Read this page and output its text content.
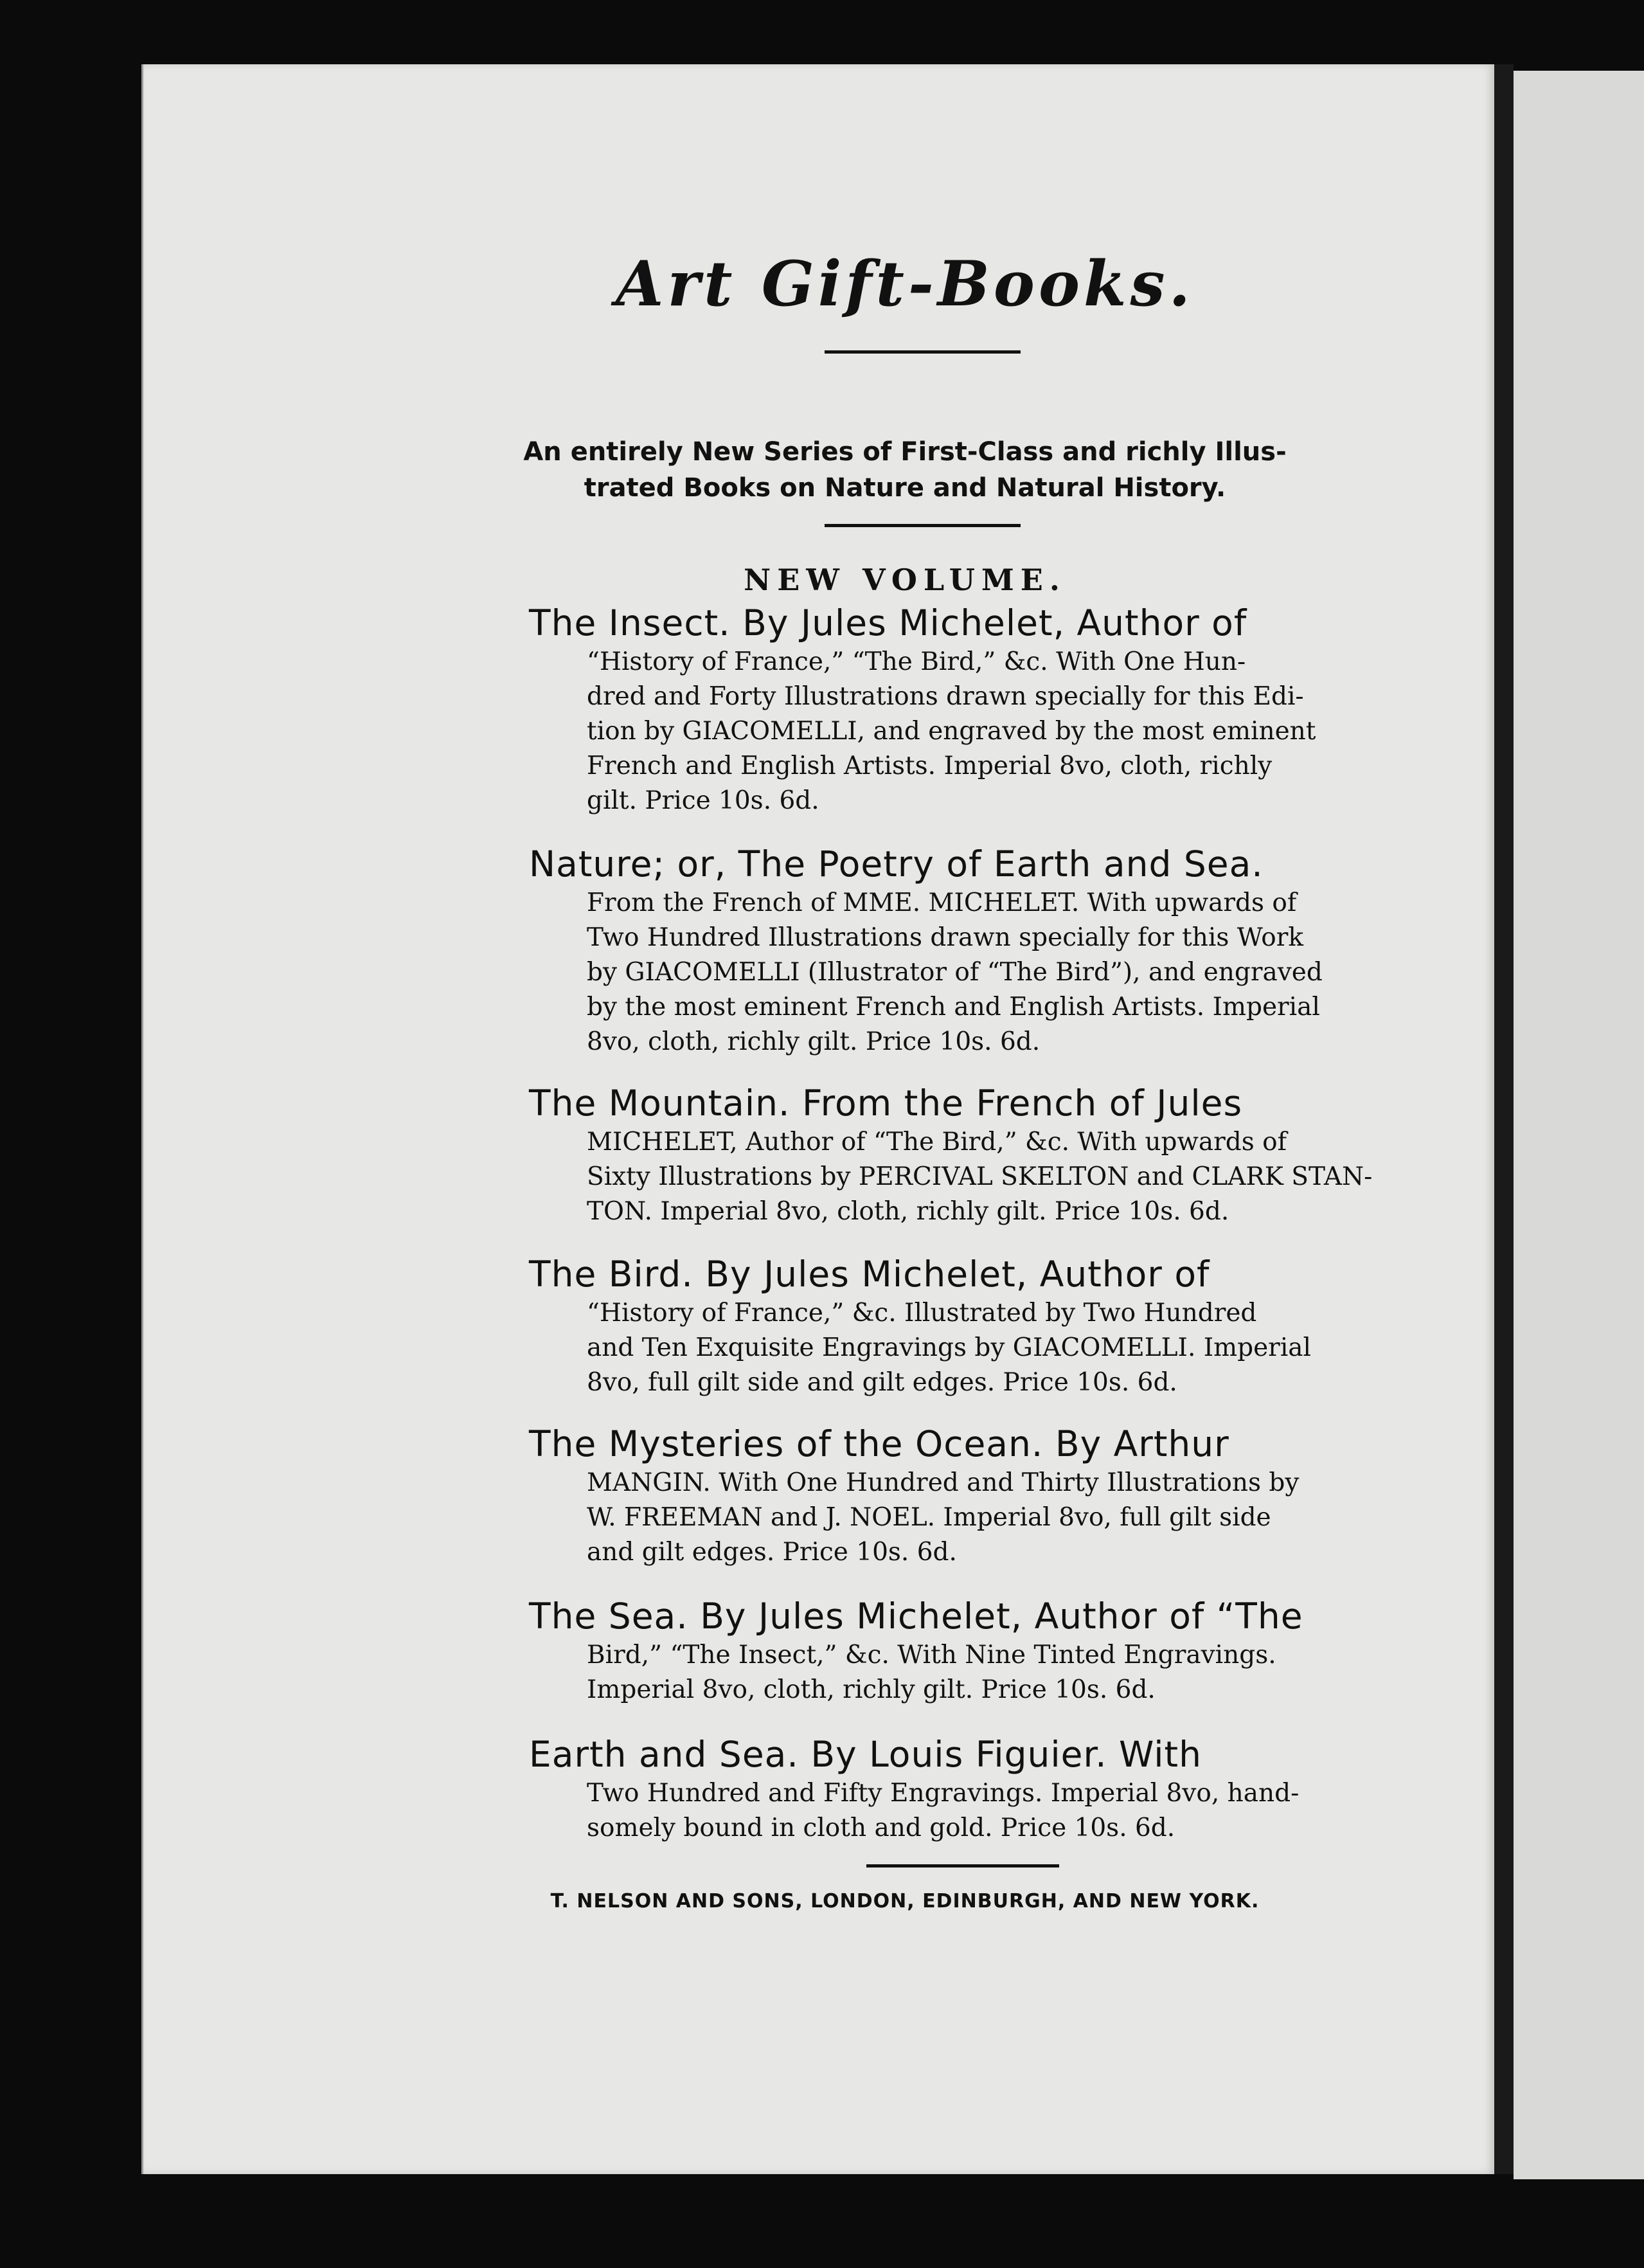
Art Gift-Books.
An entirely New Series of First-Class and richly Illus-
trated Books on Nature and Natural History.
NEW VOLUME.
The Insect. By Jules Michelet, Author of
“History of France,” “The Bird,” &c. With One Hun-
dred and Forty Illustrations drawn specially for this Edi-
tion by GIACOMELLI, and engraved by the most eminent
French and English Artists. Imperial 8vo, cloth, richly
gilt. Price 10s. 6d.
Nature; or, The Poetry of Earth and Sea.
From the French of MME. MICHELET. With upwards of
Two Hundred Illustrations drawn specially for this Work
by GIACOMELLI (Illustrator of “The Bird”), and engraved
by the most eminent French and English Artists. Imperial
8vo, cloth, richly gilt. Price 10s. 6d.
The Mountain. From the French of Jules
MICHELET, Author of “The Bird,” &c. With upwards of
Sixty Illustrations by PERCIVAL SKELTON and CLARK STAN-
TON. Imperial 8vo, cloth, richly gilt. Price 10s. 6d.
The Bird. By Jules Michelet, Author of
“History of France,” &c. Illustrated by Two Hundred
and Ten Exquisite Engravings by GIACOMELLI. Imperial
8vo, full gilt side and gilt edges. Price 10s. 6d.
The Mysteries of the Ocean. By Arthur
MANGIN. With One Hundred and Thirty Illustrations by
W. FREEMAN and J. NOEL. Imperial 8vo, full gilt side
and gilt edges. Price 10s. 6d.
The Sea. By Jules Michelet, Author of “The
Bird,” “The Insect,” &c. With Nine Tinted Engravings.
Imperial 8vo, cloth, richly gilt. Price 10s. 6d.
Earth and Sea. By Louis Figuier. With
Two Hundred and Fifty Engravings. Imperial 8vo, hand-
somely bound in cloth and gold. Price 10s. 6d.
T. NELSON AND SONS, LONDON, EDINBURGH, AND NEW YORK.
